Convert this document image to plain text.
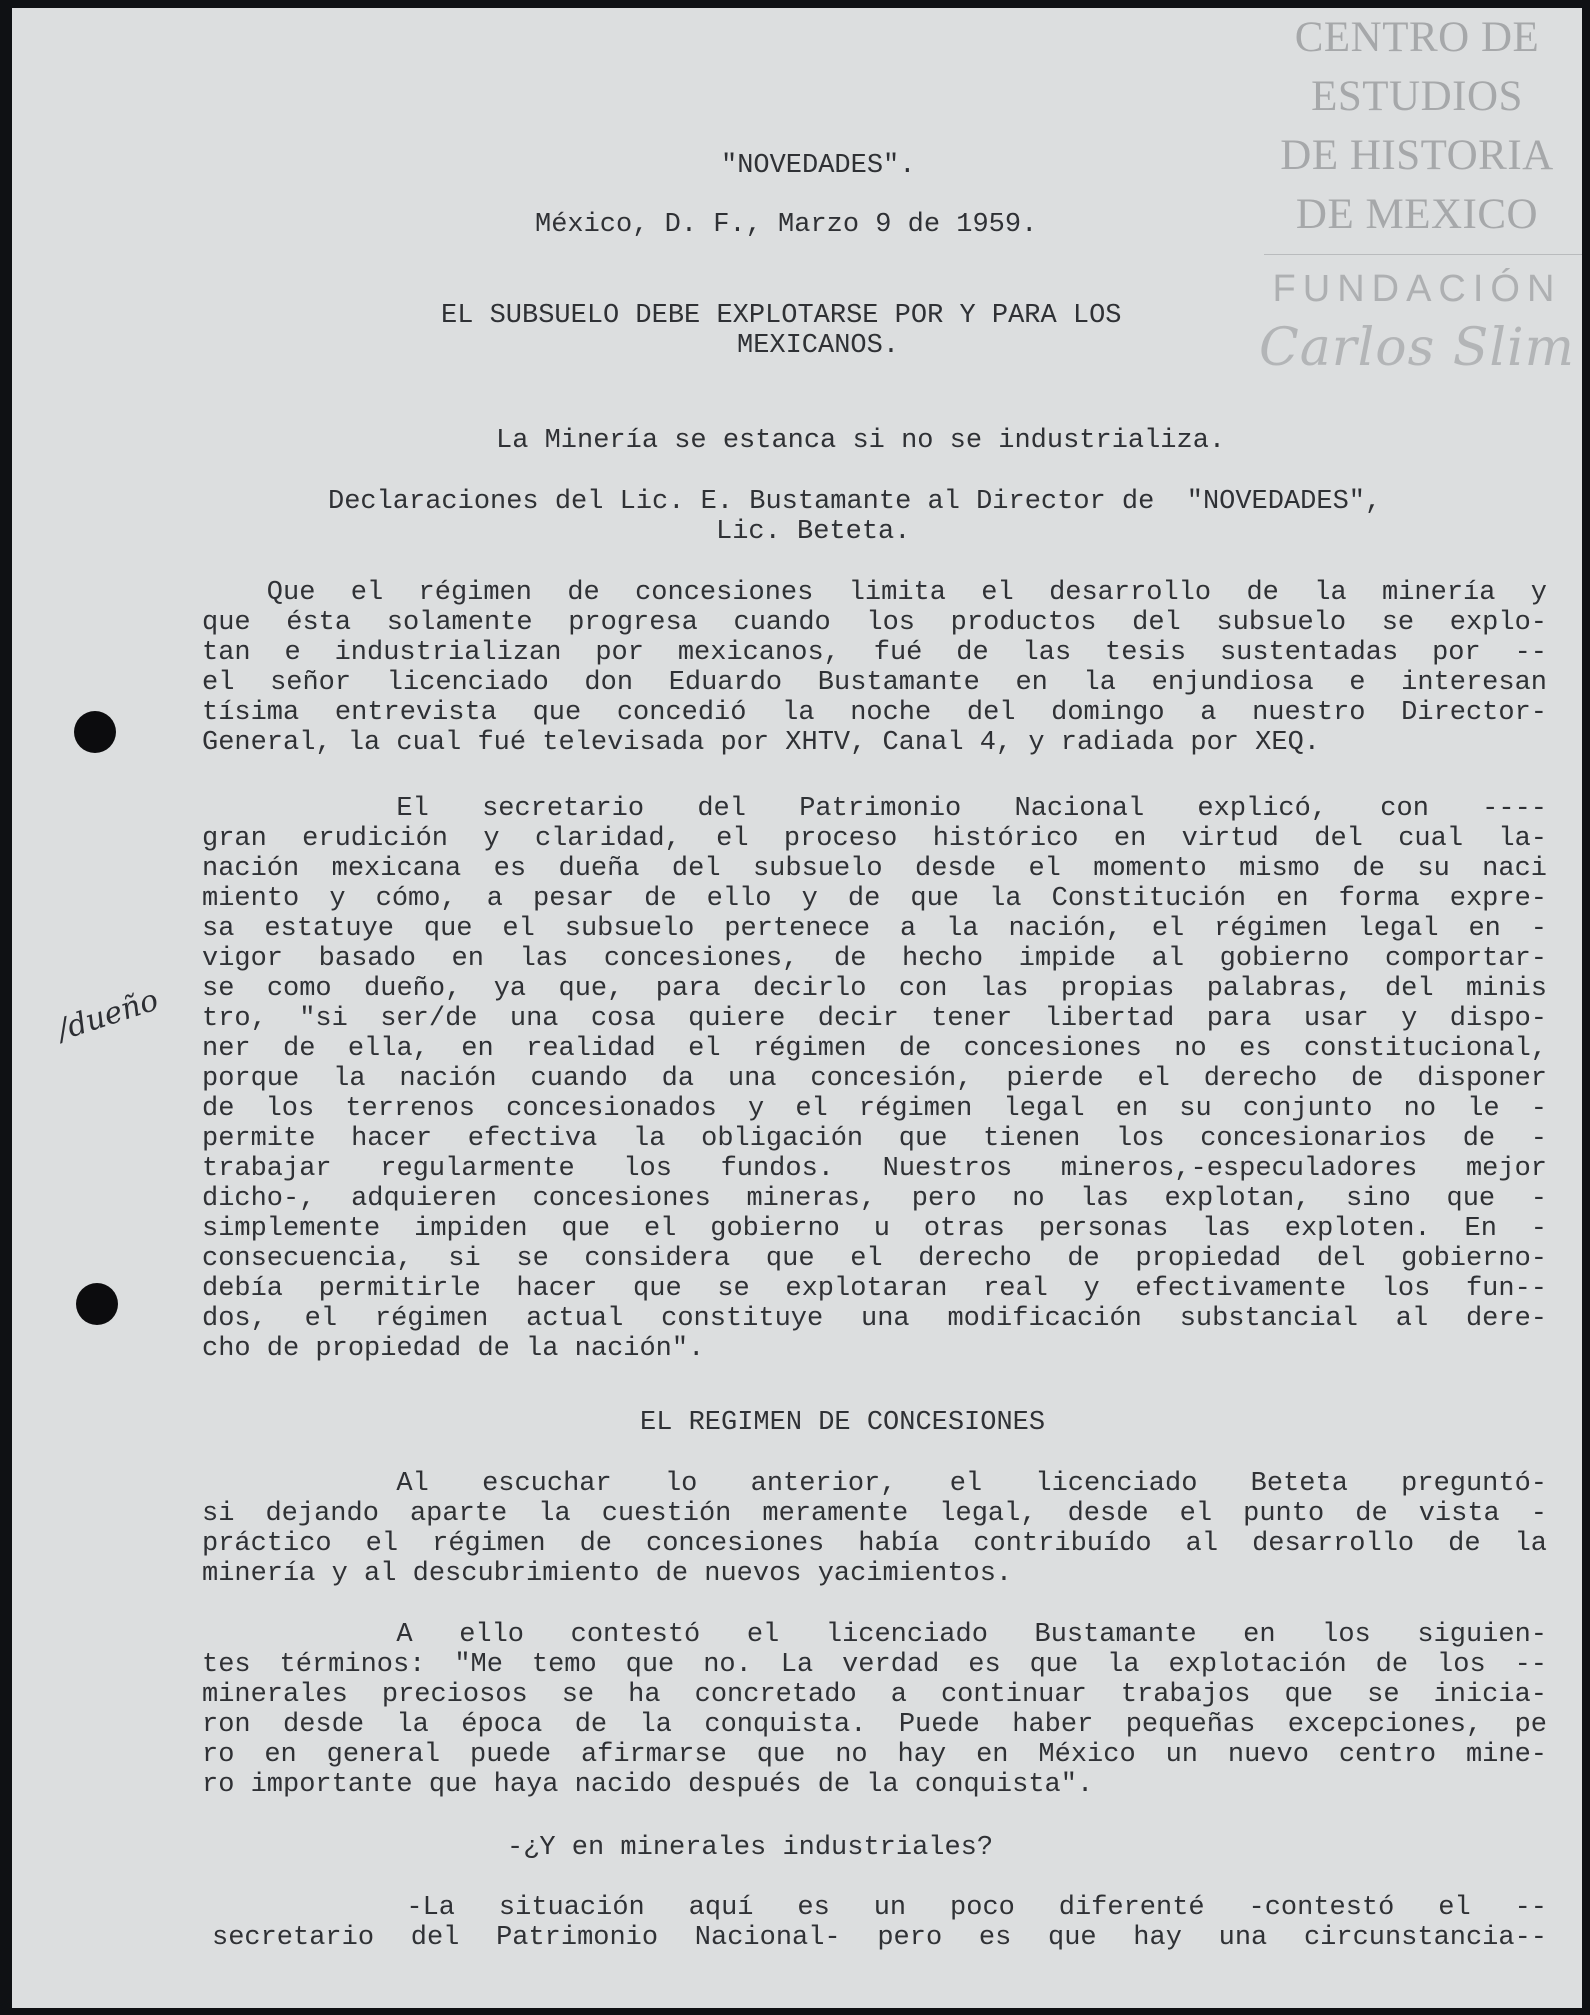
CENTRO DE
ESTUDIOS
DE HISTORIA
DE MEXICO
FUNDACIÓN
Carlos Slim
/dueño
"NOVEDADES".
México, D. F., Marzo 9 de 1959.
EL SUBSUELO DEBE EXPLOTARSE POR Y PARA LOS
MEXICANOS.
La Minería se estanca si no se industrializa.
Declaraciones del Lic. E. Bustamante al Director de  "NOVEDADES",
Lic. Beteta.
Que el régimen de concesiones limita el desarrollo de la minería y
que ésta solamente progresa cuando los productos del subsuelo se explo-
tan e industrializan por mexicanos, fué de las tesis sustentadas por --
el señor licenciado don Eduardo Bustamante en la enjundiosa e interesan
tísima entrevista que concedió la noche del domingo a nuestro Director-
General, la cual fué televisada por XHTV, Canal 4, y radiada por XEQ.
El secretario del Patrimonio Nacional explicó, con ----
gran erudición y claridad, el proceso histórico en virtud del cual la-
nación mexicana es dueña del subsuelo desde el momento mismo de su naci
miento y cómo, a pesar de ello y de que la Constitución en forma expre-
sa estatuye que el subsuelo pertenece a la nación, el régimen legal en -
vigor basado en las concesiones, de hecho impide al gobierno comportar-
se como dueño, ya que, para decirlo con las propias palabras, del minis
tro, "si ser/de una cosa quiere decir tener libertad para usar y dispo-
ner de ella, en realidad el régimen de concesiones no es constitucional,
porque la nación cuando da una concesión, pierde el derecho de disponer
de los terrenos concesionados y el régimen legal en su conjunto no le -
permite hacer efectiva la obligación que tienen los concesionarios de -
trabajar regularmente los fundos. Nuestros mineros,-especuladores mejor
dicho-, adquieren concesiones mineras, pero no las explotan, sino que -
simplemente impiden que el gobierno u otras personas las exploten. En -
consecuencia, si se considera que el derecho de propiedad del gobierno-
debía permitirle hacer que se explotaran real y efectivamente los fun--
dos, el régimen actual constituye una modificación substancial al dere-
cho de propiedad de la nación".
EL REGIMEN DE CONCESIONES
Al escuchar lo anterior, el licenciado Beteta preguntó-
si dejando aparte la cuestión meramente legal, desde el punto de vista -
práctico el régimen de concesiones había contribuído al desarrollo de la
minería y al descubrimiento de nuevos yacimientos.
A ello contestó el licenciado Bustamante en los siguien-
tes términos: "Me temo que no. La verdad es que la explotación de los --
minerales preciosos se ha concretado a continuar trabajos que se inicia-
ron desde la época de la conquista. Puede haber pequeñas excepciones, pe
ro en general puede afirmarse que no hay en México un nuevo centro mine-
ro importante que haya nacido después de la conquista".
-¿Y en minerales industriales?
-La situación aquí es un poco diferenté -contestó el --
secretario del Patrimonio Nacional- pero es que hay una circunstancia--
